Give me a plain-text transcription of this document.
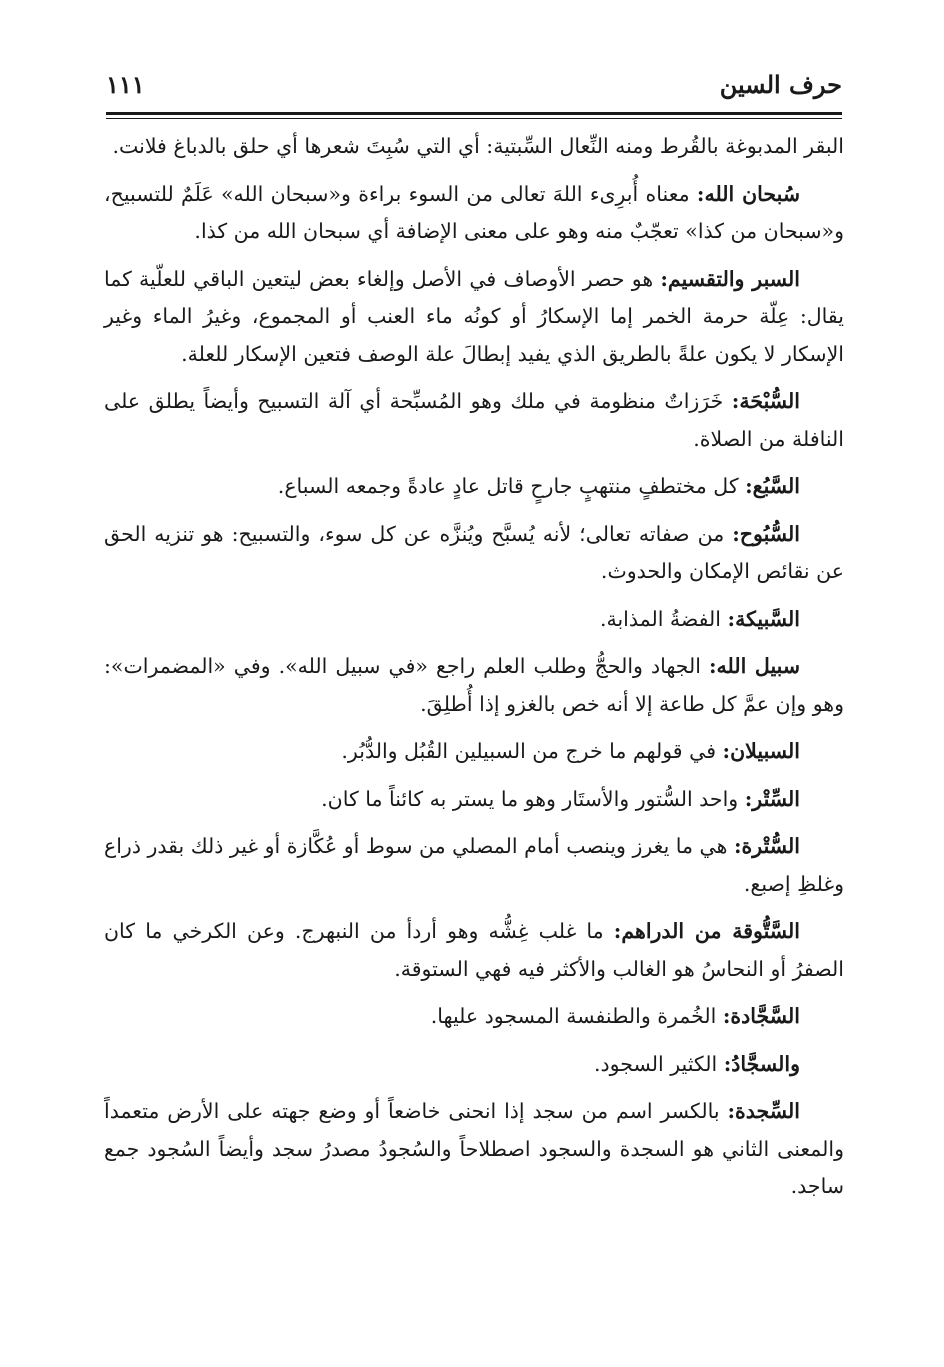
حرف السين
١١١

البقر المدبوغة بالقُرط ومنه النِّعال السِّبتية: أي التي سُبِتَ شعرها أي حلق بالدباغ فلانت.

سُبحان الله: معناه أُبرِىء اللهَ تعالى من السوء براءة و«سبحان الله» عَلَمٌ للتسبيح، و«سبحان من كذا» تعجّبٌ منه وهو على معنى الإضافة أي سبحان الله من كذا.

السبر والتقسيم: هو حصر الأوصاف في الأصل وإلغاء بعض ليتعين الباقي للعلّية كما يقال: عِلّة حرمة الخمر إما الإسكارُ أو كونُه ماء العنب أو المجموع، وغيرُ الماء وغير الإسكار لا يكون علةً بالطريق الذي يفيد إبطالَ علة الوصف فتعين الإسكار للعلة.

السُّبْحَة: خَرَزاتٌ منظومة في ملك وهو المُسبِّحة أي آلة التسبيح وأيضاً يطلق على النافلة من الصلاة.

السَّبُع: كل مختطفٍ منتهبٍ جارحٍ قاتل عادٍ عادةً وجمعه السباع.

السُّبُوح: من صفاته تعالى؛ لأنه يُسبَّح ويُنزَّه عن كل سوء، والتسبيح: هو تنزيه الحق عن نقائص الإمكان والحدوث.

السَّبيكة: الفضةُ المذابة.

سبيل الله: الجهاد والحجُّ وطلب العلم راجع «في سبيل الله». وفي «المضمرات»: وهو وإن عمَّ كل طاعة إلا أنه خص بالغزو إذا أُطلِقَ.

السبيلان: في قولهم ما خرج من السبيلين القُبُل والدُّبُر.

السِّتْر: واحد السُّتور والأستَار وهو ما يستر به كائناً ما كان.

السُّتْرة: هي ما يغرز وينصب أمام المصلي من سوط أو عُكَّازة أو غير ذلك بقدر ذراع وغلظِ إصبع.

السَّتُّوقة من الدراهم: ما غلب غِشُّه وهو أردأ من النبهرج. وعن الكرخي ما كان الصفرُ أو النحاسُ هو الغالب والأكثر فيه فهي الستوقة.

السَّجَّادة: الخُمرة والطنفسة المسجود عليها.

والسجَّادُ: الكثير السجود.

السِّجدة: بالكسر اسم من سجد إذا انحنى خاضعاً أو وضع جهته على الأرض متعمداً والمعنى الثاني هو السجدة والسجود اصطلاحاً والسُجودُ مصدرُ سجد وأيضاً السُجود جمع ساجد.
